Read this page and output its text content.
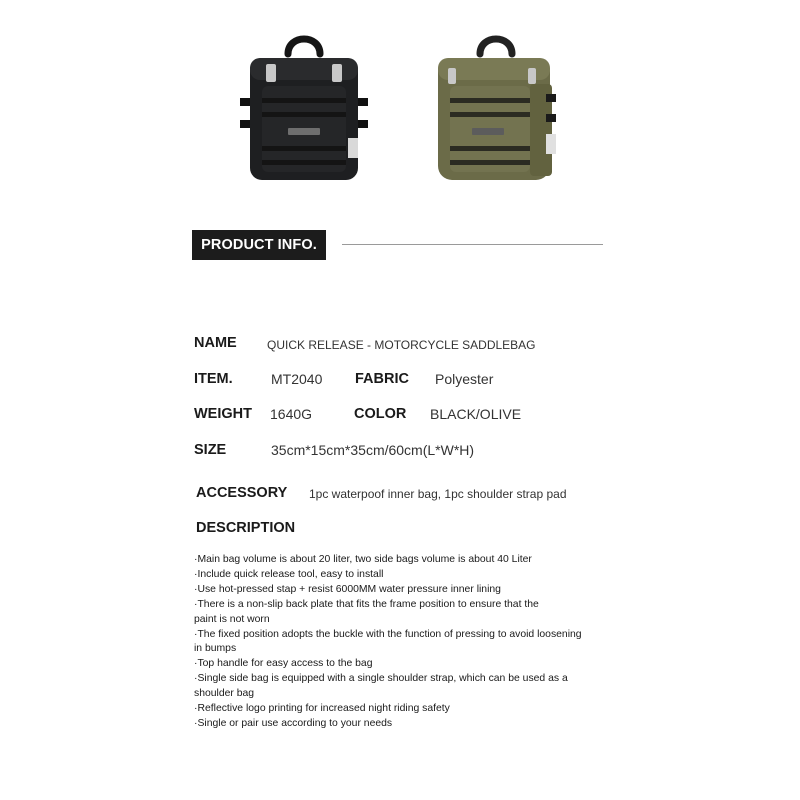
PRODUCT INFO.
NAME	QUICK RELEASE - MOTORCYCLE SADDLEBAG
ITEM.	MT2040 FABRIC Polyester
WEIGHT 1640G	COLOR BLACK/OLIVE
SIZE	35cm*15cm*35cm/60cm(L*W*H)
ACCESSORY 1pc waterpoof inner bag, 1pc shoulder strap pad
DESCRIPTION
·Main bag volume is about 20 liter, two side bags volume is about 40 Liter
·Include quick release tool, easy to install
·Use hot-pressed stap + resist 6000MM water pressure inner lining
·There is a non-slip back plate that fits the frame position to ensure that the
paint is not worn
·The fixed position adopts the buckle with the function of pressing to avoid loosening
in bumps
·Top handle for easy access to the bag
·Single side bag is equipped with a single shoulder strap, which can be used as a
shoulder bag
·Reflective logo printing for increased night riding safety
·Single or pair use according to your needs
